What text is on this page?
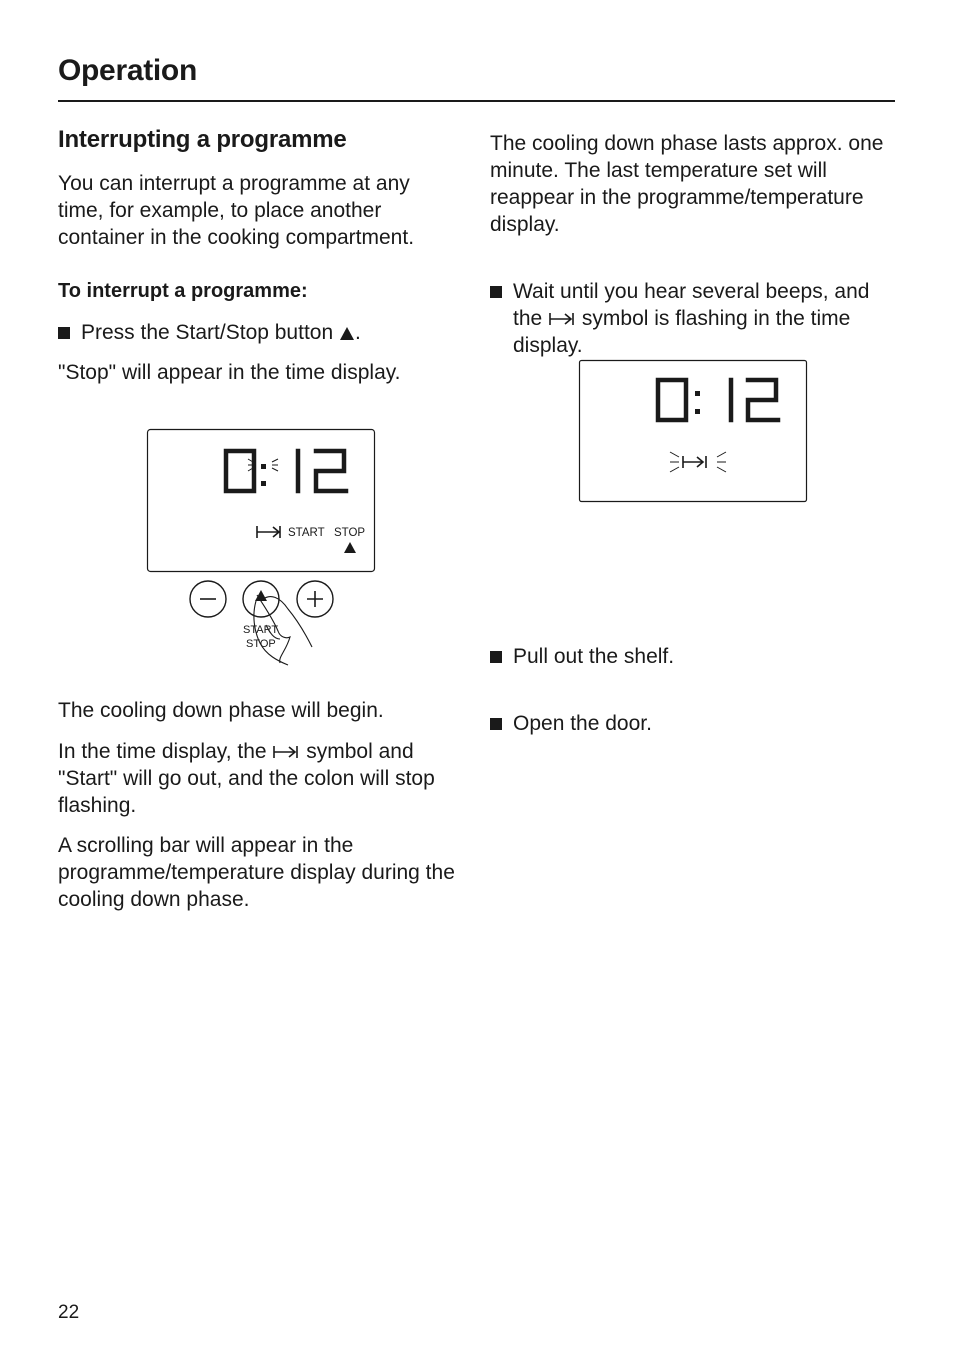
Operation
Interrupting a programme

You can interrupt a programme at any time, for example, to place another container in the cooking compartment.

To interrupt a programme:
Press the Start/Stop button .

"Stop" will appear in the time display.

START STOP
START
STOP

The cooling down phase will begin.

In the time display, the symbol and "Start" will go out, and the colon will stop flashing.

A scrolling bar will appear in the programme/temperature display during the cooling down phase.

The cooling down phase lasts approx. one minute. The last temperature set will reappear in the programme/temperature display.

Wait until you hear several beeps, and the symbol is flashing in the time display.
Pull out the shelf.
Open the door.
22
